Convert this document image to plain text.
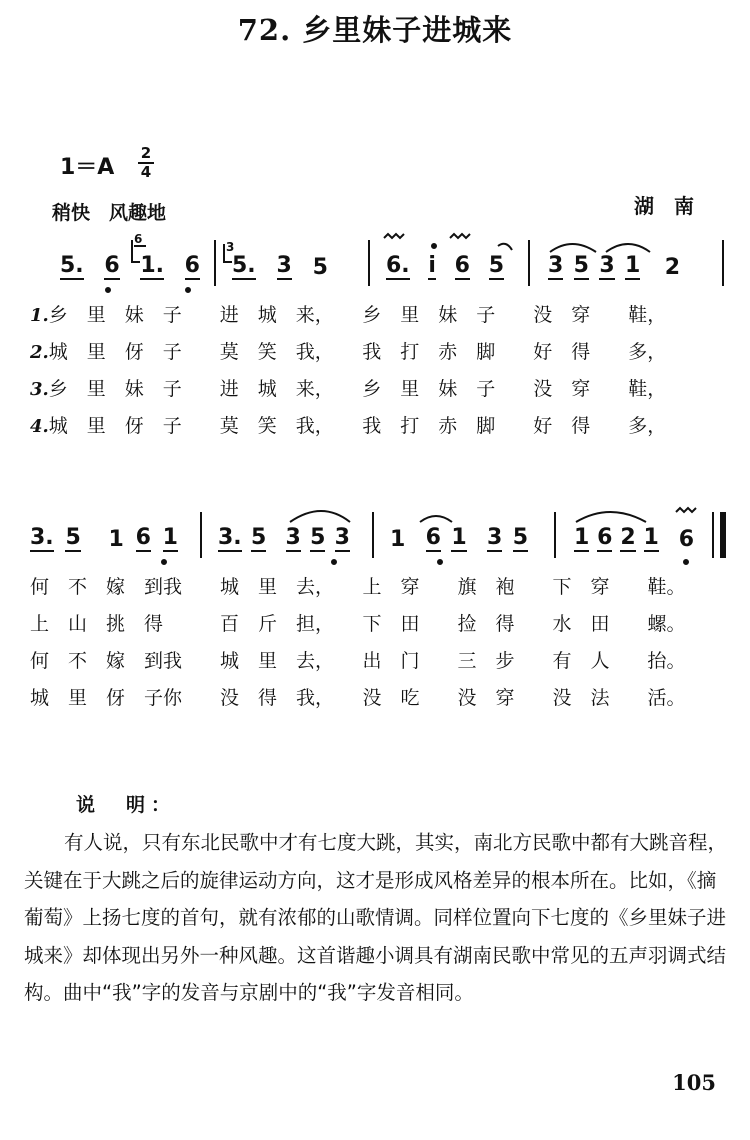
72. 乡里妹子进城来
1＝A
2
4
稍快　风趣地	湖南
5. 6 1. 6 5. 3 5	6. i 6 5 3 5 3 1 2
6
3
1.乡　里　妹　子　　进　城　来，　　乡　里　妹　子　　没　穿　　鞋，
2.城　里　伢　子　　莫　笑　我，　　我　打　赤　脚　　好　得　　多，
3.乡　里　妹　子　　进　城　来，　　乡　里　妹　子　　没　穿　　鞋，
4.城　里　伢　子　　莫　笑　我，　　我　打　赤　脚　　好　得　　多，
3. 5 1 6 1 3. 5 3 5 3 1 6 1 3 5 1 6 2 1 6
何　不　嫁　到我　　城　里　去，　　上　穿　　旗　袍　　下　穿　　鞋。
上　山　挑　得　　　百　斤　担，　　下　田　　捡　得　　水　田　　螺。
何　不　嫁　到我　　城　里　去，　　出　门　　三　步　　有　人　　抬。
城　里　伢　子你　　没　得　我，　　没　吃　　没　穿　　没　法　　活。
说　明：
有人说，只有东北民歌中才有七度大跳，其实，南北方民歌中都有大跳音程，关键在于大跳之后的旋律运动方向，这才是形成风格差异的根本所在。比如，《摘葡萄》上扬七度的首句，就有浓郁的山歌情调。同样位置向下七度的《乡里妹子进城来》却体现出另外一种风趣。这首谐趣小调具有湖南民歌中常见的五声羽调式结构。曲中“我”字的发音与京剧中的“我”字发音相同。
105
